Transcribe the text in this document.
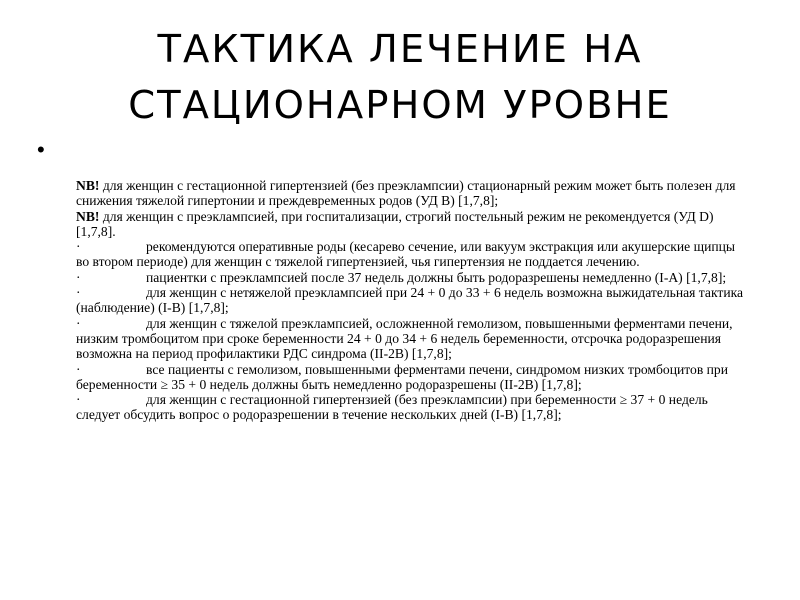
ТАКТИКА ЛЕЧЕНИЕ НА
СТАЦИОНАРНОМ УРОВНЕ
•

NB! для женщин с гестационной гипертензией (без преэклампсии) стационарный режим может быть полезен для снижения тяжелой гипертонии и преждевременных родов (УД В) [1,7,8];

NB! для женщин с преэклампсией, при госпитализации, строгий постельный режим не рекомендуется (УД D) [1,7,8].

·	рекомендуются оперативные роды (кесарево сечение, или вакуум экстракция или акушерские щипцы во втором периоде) для женщин с тяжелой гипертензией, чья гипертензия не поддается лечению.

·	пациентки с преэклампсией после 37 недель должны быть родоразрешены немедленно (I-A) [1,7,8];

·	для женщин с нетяжелой преэклампсией при 24 + 0 до 33 + 6 недель возможна выжидательная тактика (наблюдение) (I-B) [1,7,8];

·	для женщин с тяжелой преэклампсией, осложненной гемолизом, повышенными ферментами печени, низким тромбоцитом при сроке беременности 24 + 0 до 34 + 6 недель беременности, отсрочка родоразрешения возможна на период профилактики РДС синдрома (II-2B) [1,7,8];

·	все пациенты с гемолизом, повышенными ферментами печени, синдромом низких тромбоцитов при беременности ≥ 35 + 0 недель должны быть немедленно родоразрешены (II-2B) [1,7,8];

·	для женщин с гестационной гипертензией (без преэклампсии) при беременности ≥ 37 + 0 недель следует обсудить вопрос о родоразрешении в течение нескольких дней (I-B) [1,7,8];
